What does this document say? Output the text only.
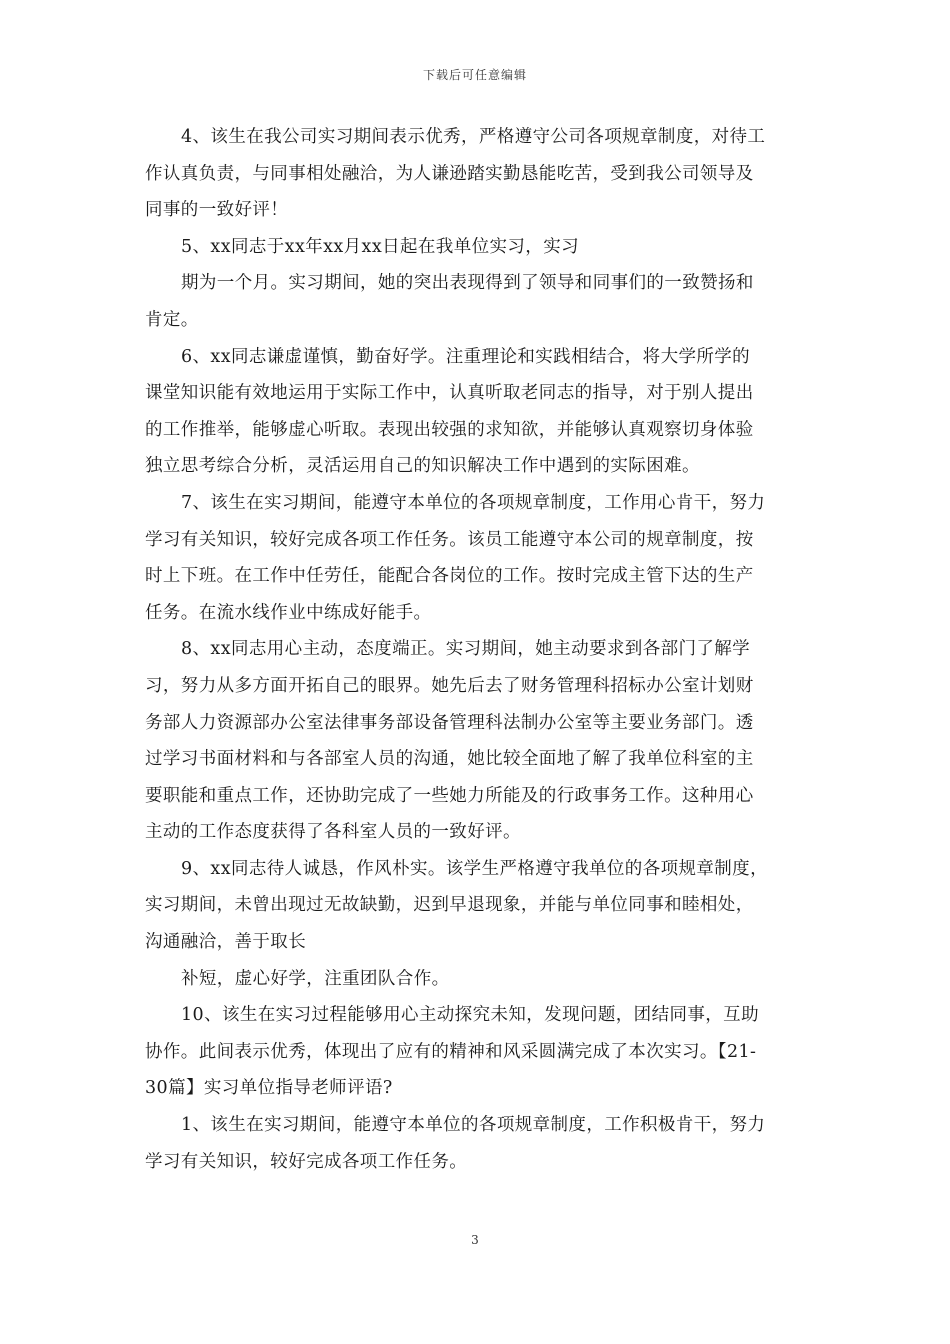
下载后可任意编辑
4、该生在我公司实习期间表示优秀，严格遵守公司各项规章制度，对待工
作认真负责，与同事相处融洽，为人谦逊踏实勤恳能吃苦，受到我公司领导及
同事的一致好评！
5、xx同志于xx年xx月xx日起在我单位实习，实习
期为一个月。实习期间，她的突出表现得到了领导和同事们的一致赞扬和
肯定。
6、xx同志谦虚谨慎，勤奋好学。注重理论和实践相结合，将大学所学的
课堂知识能有效地运用于实际工作中，认真听取老同志的指导，对于别人提出
的工作推举，能够虚心听取。表现出较强的求知欲，并能够认真观察切身体验
独立思考综合分析，灵活运用自己的知识解决工作中遇到的实际困难。
7、该生在实习期间，能遵守本单位的各项规章制度，工作用心肯干，努力
学习有关知识，较好完成各项工作任务。该员工能遵守本公司的规章制度，按
时上下班。在工作中任劳任，能配合各岗位的工作。按时完成主管下达的生产
任务。在流水线作业中练成好能手。
8、xx同志用心主动，态度端正。实习期间，她主动要求到各部门了解学
习，努力从多方面开拓自己的眼界。她先后去了财务管理科招标办公室计划财
务部人力资源部办公室法律事务部设备管理科法制办公室等主要业务部门。透
过学习书面材料和与各部室人员的沟通，她比较全面地了解了我单位科室的主
要职能和重点工作，还协助完成了一些她力所能及的行政事务工作。这种用心
主动的工作态度获得了各科室人员的一致好评。
9、xx同志待人诚恳，作风朴实。该学生严格遵守我单位的各项规章制度，
实习期间，未曾出现过无故缺勤，迟到早退现象，并能与单位同事和睦相处，
沟通融洽，善于取长
补短，虚心好学，注重团队合作。
10、该生在实习过程能够用心主动探究未知，发现问题，团结同事，互助
协作。此间表示优秀，体现出了应有的精神和风采圆满完成了本次实习。【21-
30篇】实习单位指导老师评语?
1、该生在实习期间，能遵守本单位的各项规章制度，工作积极肯干，努力
学习有关知识，较好完成各项工作任务。
3
